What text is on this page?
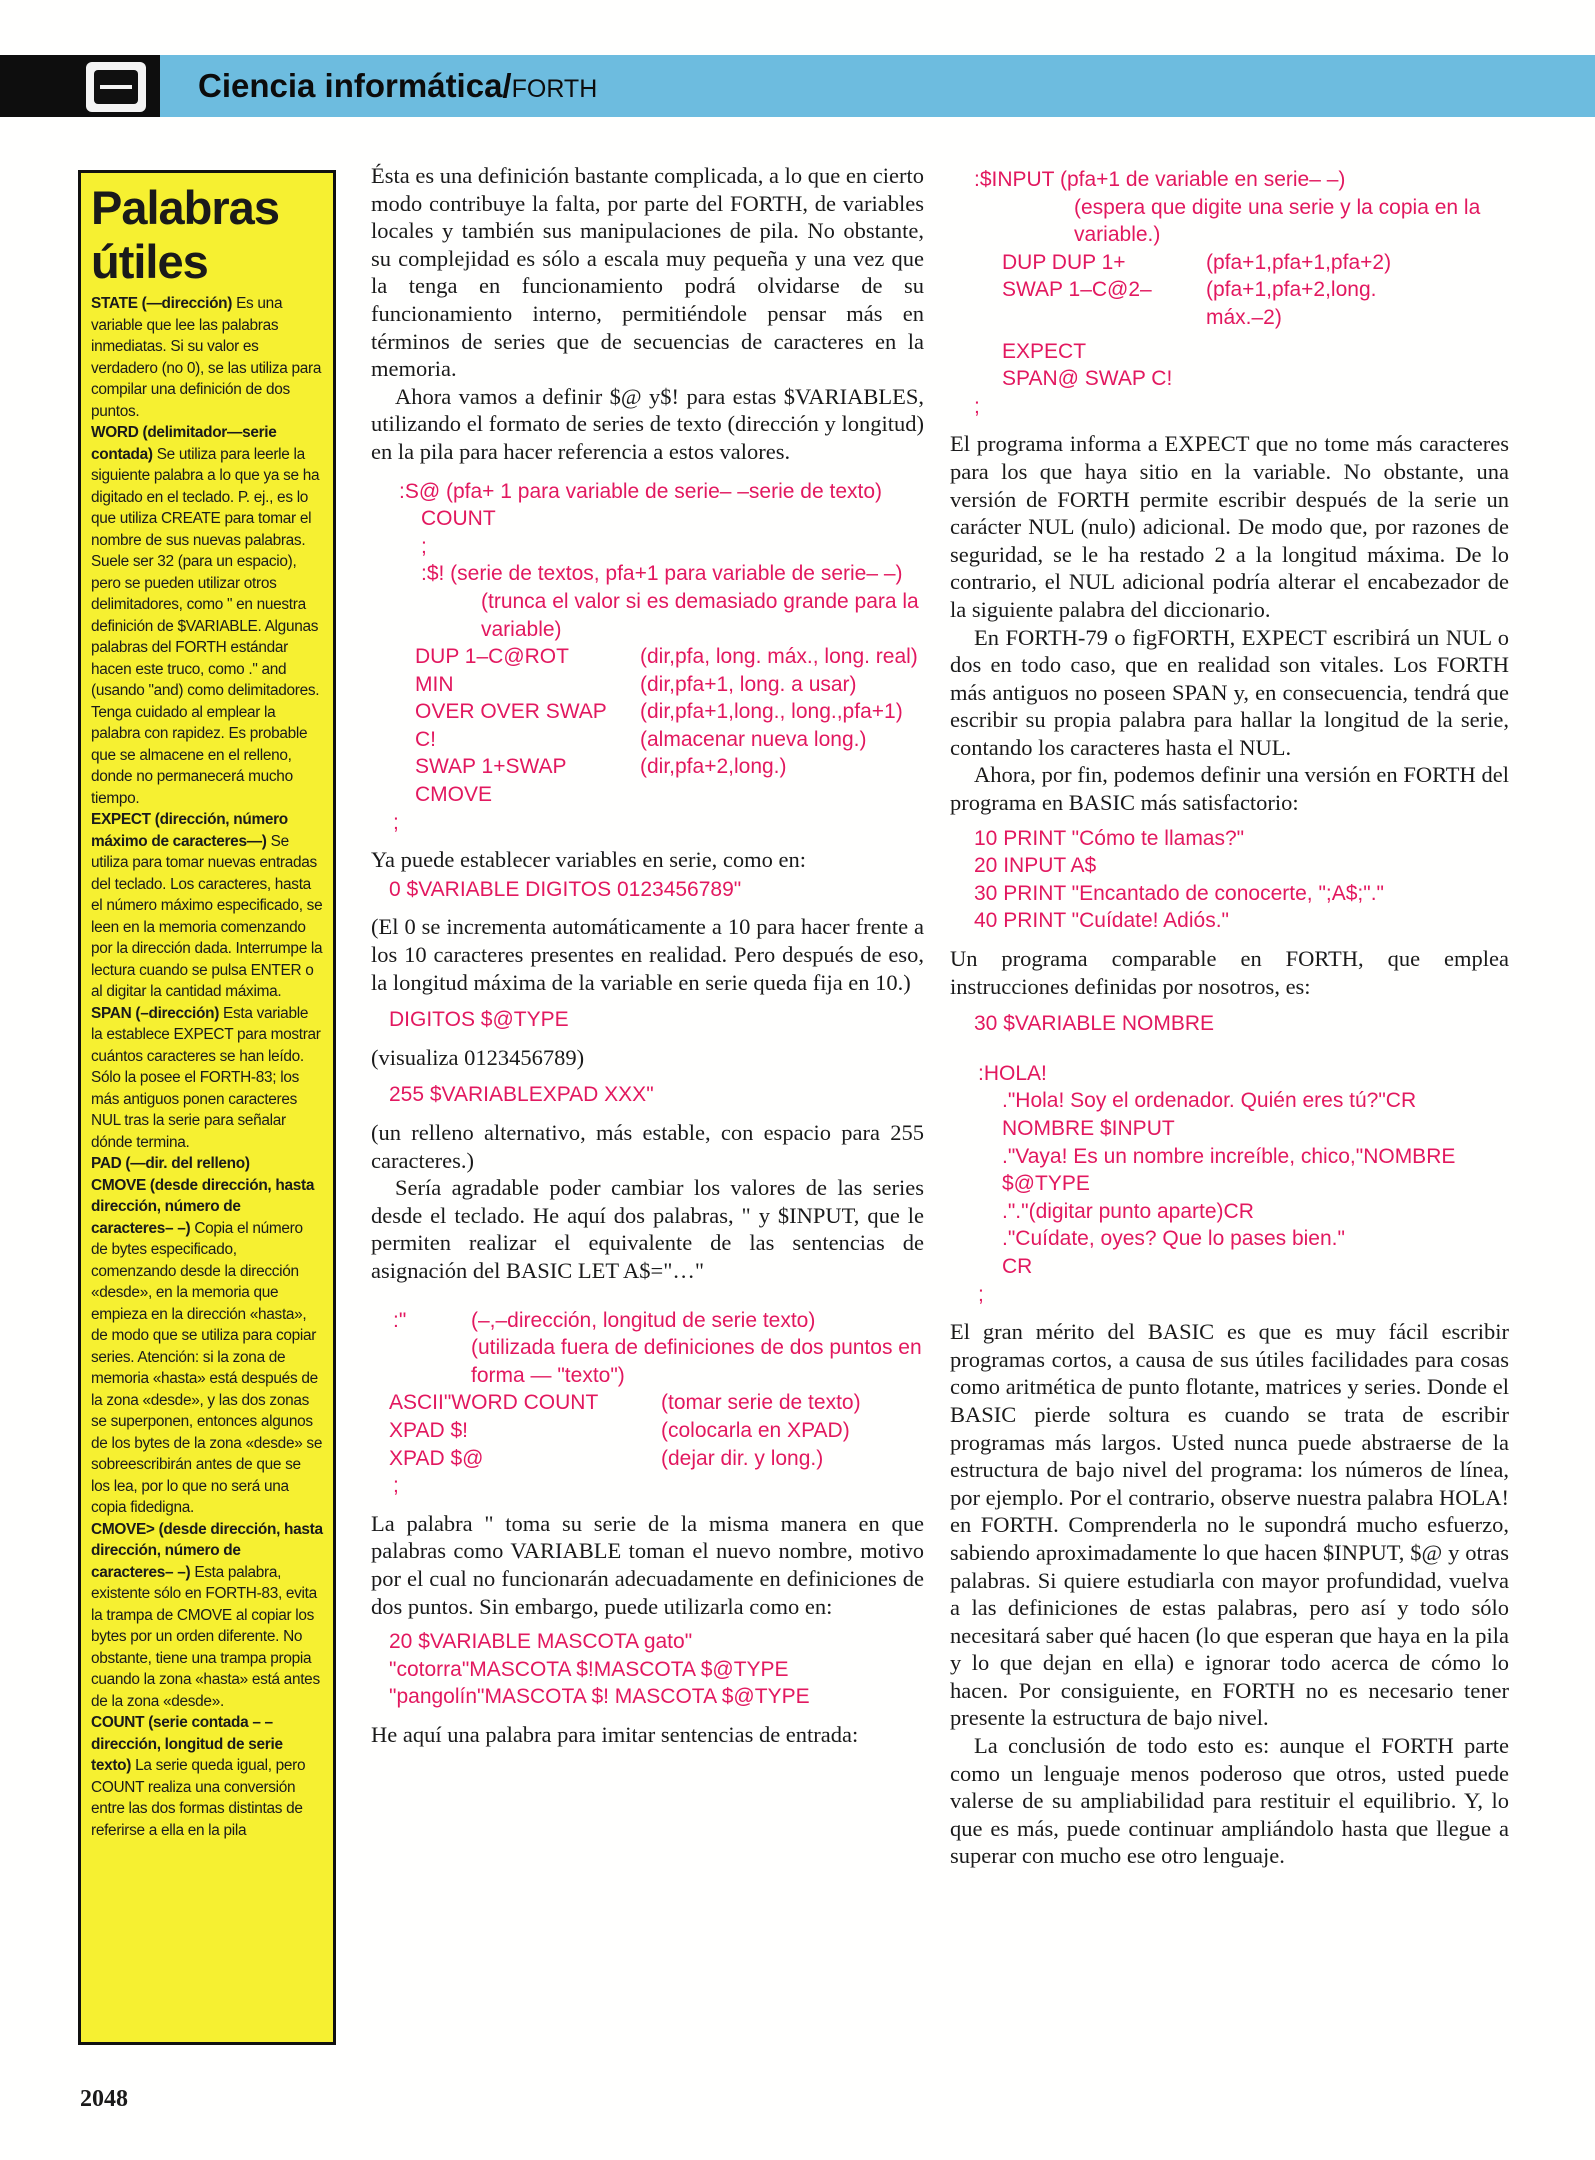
Ciencia informática/FORTH
Palabras
útiles
STATE (—dirección) Es una variable que lee las palabras inmediatas. Si su valor es verdadero (no 0), se las utiliza para compilar una definición de dos puntos.
WORD (delimitador—serie contada) Se utiliza para leerle la siguiente palabra a lo que ya se ha digitado en el teclado. P. ej., es lo que utiliza CREATE para tomar el nombre de sus nuevas palabras. Suele ser 32 (para un espacio), pero se pueden utilizar otros delimitadores, como " en nuestra definición de $VARIABLE. Algunas palabras del FORTH estándar hacen este truco, como ." and (usando "and) como delimitadores. Tenga cuidado al emplear la palabra con rapidez. Es probable que se almacene en el relleno, donde no permanecerá mucho tiempo.
EXPECT (dirección, número máximo de caracteres—) Se utiliza para tomar nuevas entradas del teclado. Los caracteres, hasta el número máximo especificado, se leen en la memoria comenzando por la dirección dada. Interrumpe la lectura cuando se pulsa ENTER o al digitar la cantidad máxima.
SPAN (–dirección) Esta variable la establece EXPECT para mostrar cuántos caracteres se han leído. Sólo la posee el FORTH-83; los más antiguos ponen caracteres NUL tras la serie para señalar dónde termina.
PAD (—dir. del relleno)
CMOVE (desde dirección, hasta dirección, número de caracteres– –) Copia el número de bytes especificado, comenzando desde la dirección «desde», en la memoria que empieza en la dirección «hasta», de modo que se utiliza para copiar series. Atención: si la zona de memoria «hasta» está después de la zona «desde», y las dos zonas se superponen, entonces algunos de los bytes de la zona «desde» se sobreescribirán antes de que se los lea, por lo que no será una copia fidedigna.
CMOVE> (desde dirección, hasta dirección, número de caracteres– –) Esta palabra, existente sólo en FORTH-83, evita la trampa de CMOVE al copiar los bytes por un orden diferente. No obstante, tiene una trampa propia cuando la zona «hasta» está antes de la zona «desde».
COUNT (serie contada – – dirección, longitud de serie texto) La serie queda igual, pero COUNT realiza una conversión entre las dos formas distintas de referirse a ella en la pila

Ésta es una definición bastante complicada, a lo que en cierto modo contribuye la falta, por parte del FORTH, de variables locales y también sus manipulaciones de pila. No obstante, su complejidad es sólo a escala muy pequeña y una vez que la tenga en funcionamiento podrá olvidarse de su funcionamiento interno, permitiéndole pensar más en términos de series que de secuencias de caracteres en la memoria.

Ahora vamos a definir $@ y$! para estas $VARIABLES, utilizando el formato de series de texto (dirección y longitud) en la pila para hacer referencia a estos valores.

:S@ (pfa+ 1 para variable de serie– –serie de texto)
COUNT
;
:$! (serie de textos, pfa+1 para variable de serie– –)
(trunca el valor si es demasiado grande para la variable)
DUP 1–C@ROT	(dir,pfa, long. máx., long. real)
MIN	(dir,pfa+1, long. a usar)
OVER OVER SWAP	(dir,pfa+1,long., long.,pfa+1)
C!	(almacenar nueva long.)
SWAP 1+SWAP	(dir,pfa+2,long.)
CMOVE
;

Ya puede establecer variables en serie, como en:

0 $VARIABLE DIGITOS 0123456789"

(El 0 se incrementa automáticamente a 10 para hacer frente a los 10 caracteres presentes en realidad. Pero después de eso, la longitud máxima de la variable en serie queda fija en 10.)

DIGITOS $@TYPE

(visualiza 0123456789)

255 $VARIABLEXPAD XXX"

(un relleno alternativo, más estable, con espacio para 255 caracteres.)

Sería agradable poder cambiar los valores de las series desde el teclado. He aquí dos palabras, " y $INPUT, que le permiten realizar el equivalente de las sentencias de asignación del BASIC LET A$="…"

:"	(–,–dirección, longitud de serie texto)
(utilizada fuera de definiciones de dos puntos en forma — "texto")
ASCII"WORD COUNT	(tomar serie de texto)
XPAD $!	(colocarla en XPAD)
XPAD $@	(dejar dir. y long.)
;

La palabra " toma su serie de la misma manera en que palabras como VARIABLE toman el nuevo nombre, motivo por el cual no funcionarán adecuadamente en definiciones de dos puntos. Sin embargo, puede utilizarla como en:

20 $VARIABLE MASCOTA gato"
"cotorra"MASCOTA $!MASCOTA $@TYPE
"pangolín"MASCOTA $! MASCOTA $@TYPE

He aquí una palabra para imitar sentencias de entrada:

:$INPUT (pfa+1 de variable en serie– –)
(espera que digite una serie y la copia en la variable.)
DUP DUP 1+	(pfa+1,pfa+1,pfa+2)
SWAP 1–C@2–	(pfa+1,pfa+2,long. máx.–2)
EXPECT
SPAN@ SWAP C!
;

El programa informa a EXPECT que no tome más caracteres para los que haya sitio en la variable. No obstante, una versión de FORTH permite escribir después de la serie un carácter NUL (nulo) adicional. De modo que, por razones de seguridad, se le ha restado 2 a la longitud máxima. De lo contrario, el NUL adicional podría alterar el encabezador de la siguiente palabra del diccionario.

En FORTH-79 o figFORTH, EXPECT escribirá un NUL o dos en todo caso, que en realidad son vitales. Los FORTH más antiguos no poseen SPAN y, en consecuencia, tendrá que escribir su propia palabra para hallar la longitud de la serie, contando los caracteres hasta el NUL.

Ahora, por fin, podemos definir una versión en FORTH del programa en BASIC más satisfactorio:

10 PRINT "Cómo te llamas?"
20 INPUT A$
30 PRINT "Encantado de conocerte, ";A$;"."
40 PRINT "Cuídate! Adiós."

Un programa comparable en FORTH, que emplea instrucciones definidas por nosotros, es:

30 $VARIABLE NOMBRE
:HOLA!
."Hola! Soy el ordenador. Quién eres tú?"CR
NOMBRE $INPUT
."Vaya! Es un nombre increíble, chico,"NOMBRE $@TYPE
."."(digitar punto aparte)CR
."Cuídate, oyes? Que lo pases bien."
CR
;

El gran mérito del BASIC es que es muy fácil escribir programas cortos, a causa de sus útiles facilidades para cosas como aritmética de punto flotante, matrices y series. Donde el BASIC pierde soltura es cuando se trata de escribir programas más largos. Usted nunca puede abstraerse de la estructura de bajo nivel del programa: los números de línea, por ejemplo. Por el contrario, observe nuestra palabra HOLA! en FORTH. Comprenderla no le supondrá mucho esfuerzo, sabiendo aproximadamente lo que hacen $INPUT, $@ y otras palabras. Si quiere estudiarla con mayor profundidad, vuelva a las definiciones de estas palabras, pero así y todo sólo necesitará saber qué hacen (lo que esperan que haya en la pila y lo que dejan en ella) e ignorar todo acerca de cómo lo hacen. Por consiguiente, en FORTH no es necesario tener presente la estructura de bajo nivel.

La conclusión de todo esto es: aunque el FORTH parte como un lenguaje menos poderoso que otros, usted puede valerse de su ampliabilidad para restituir el equilibrio. Y, lo que es más, puede continuar ampliándolo hasta que llegue a superar con mucho ese otro lenguaje.

2048
